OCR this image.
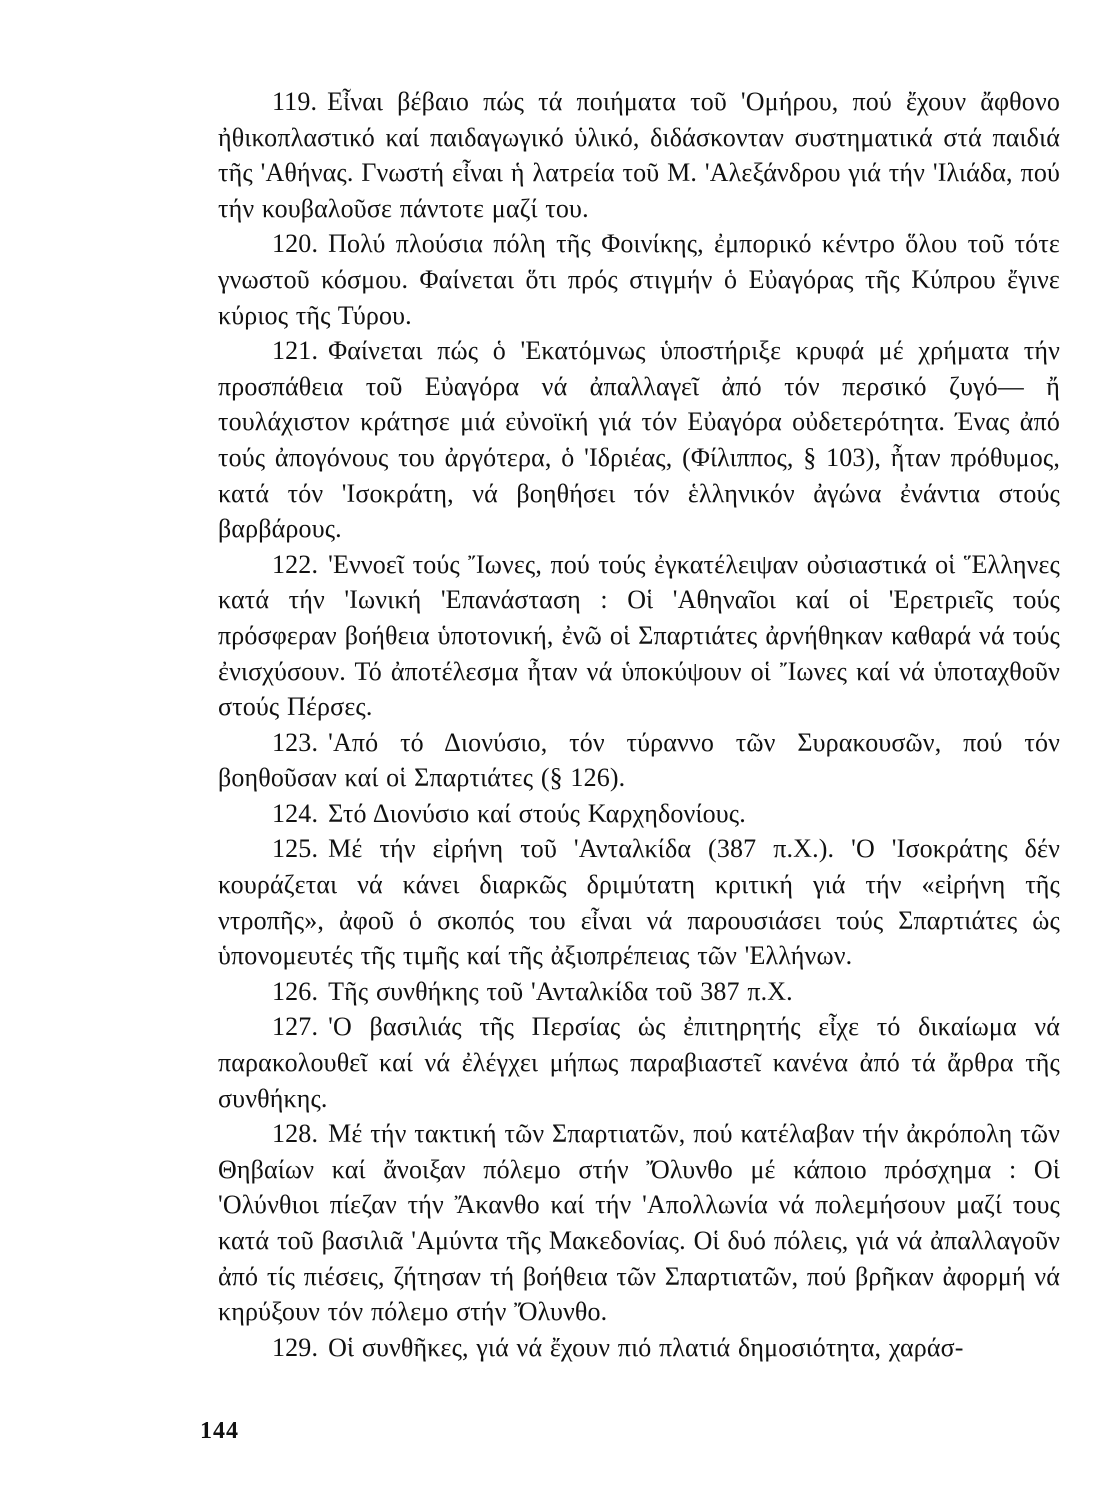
119. Εἶναι βέβαιο πώς τά ποιήματα τοῦ 'Ομήρου, πού ἔχουν ἄφθονο ἠθικοπλαστικό καί παιδαγωγικό ὑλικό, διδάσκονταν συστηματικά στά παιδιά τῆς 'Αθήνας. Γνωστή εἶναι ἡ λατρεία τοῦ Μ. 'Αλεξάνδρου γιά τήν 'Ιλιάδα, πού τήν κουβαλοῦσε πάντοτε μαζί του.

120. Πολύ πλούσια πόλη τῆς Φοινίκης, ἐμπορικό κέντρο ὅλου τοῦ τότε γνωστοῦ κόσμου. Φαίνεται ὅτι πρός στιγμήν ὁ Εὐαγόρας τῆς Κύπρου ἔγινε κύριος τῆς Τύρου.

121. Φαίνεται πώς ὁ 'Εκατόμνως ὑποστήριξε κρυφά μέ χρήματα τήν προσπάθεια τοῦ Εὐαγόρα νά ἀπαλλαγεῖ ἀπό τόν περσικό ζυγό— ἤ τουλάχιστον κράτησε μιά εὐνοϊκή γιά τόν Εὐαγόρα οὐδετερότητα. Ένας ἀπό τούς ἀπογόνους του ἀργότερα, ὁ 'Ιδριέας, (Φίλιππος, § 103), ἦταν πρόθυμος, κατά τόν 'Ισοκράτη, νά βοηθήσει τόν ἑλληνικόν ἀγώνα ἐνάντια στούς βαρβάρους.

122. 'Εννοεῖ τούς Ἴωνες, πού τούς ἐγκατέλειψαν οὐσιαστικά οἱ Ἕλληνες κατά τήν 'Ιωνική 'Επανάσταση : Οἱ 'Αθηναῖοι καί οἱ 'Ερετριεῖς τούς πρόσφεραν βοήθεια ὑποτονική, ἐνῶ οἱ Σπαρτιάτες ἀρνήθηκαν καθαρά νά τούς ἐνισχύσουν. Τό ἀποτέλεσμα ἦταν νά ὑποκύψουν οἱ Ἴωνες καί νά ὑποταχθοῦν στούς Πέρσες.

123. 'Από τό Διονύσιο, τόν τύραννο τῶν Συρακουσῶν, πού τόν βοηθοῦσαν καί οἱ Σπαρτιάτες (§ 126).

124. Στό Διονύσιο καί στούς Καρχηδονίους.

125. Μέ τήν εἰρήνη τοῦ 'Ανταλκίδα (387 π.Χ.). 'Ο 'Ισοκράτης δέν κουράζεται νά κάνει διαρκῶς δριμύτατη κριτική γιά τήν «εἰρήνη τῆς ντροπῆς», ἀφοῦ ὁ σκοπός του εἶναι νά παρουσιάσει τούς Σπαρτιάτες ὡς ὑπονομευτές τῆς τιμῆς καί τῆς ἀξιοπρέπειας τῶν 'Ελλήνων.

126. Τῆς συνθήκης τοῦ 'Ανταλκίδα τοῦ 387 π.Χ.

127. 'Ο βασιλιάς τῆς Περσίας ὡς ἐπιτηρητής εἶχε τό δικαίωμα νά παρακολουθεῖ καί νά ἐλέγχει μήπως παραβιαστεῖ κανένα ἀπό τά ἄρθρα τῆς συνθήκης.

128. Μέ τήν τακτική τῶν Σπαρτιατῶν, πού κατέλαβαν τήν ἀκρόπολη τῶν Θηβαίων καί ἄνοιξαν πόλεμο στήν Ὄλυνθο μέ κάποιο πρόσχημα : Οἱ 'Ολύνθιοι πίεζαν τήν Ἄκανθο καί τήν 'Απολλωνία νά πολεμήσουν μαζί τους κατά τοῦ βασιλιᾶ 'Αμύντα τῆς Μακεδονίας. Οἱ δυό πόλεις, γιά νά ἀπαλλαγοῦν ἀπό τίς πιέσεις, ζήτησαν τή βοήθεια τῶν Σπαρτιατῶν, πού βρῆκαν ἀφορμή νά κηρύξουν τόν πόλεμο στήν Ὄλυνθο.

129. Οἱ συνθῆκες, γιά νά ἔχουν πιό πλατιά δημοσιότητα, χαράσ-

144
